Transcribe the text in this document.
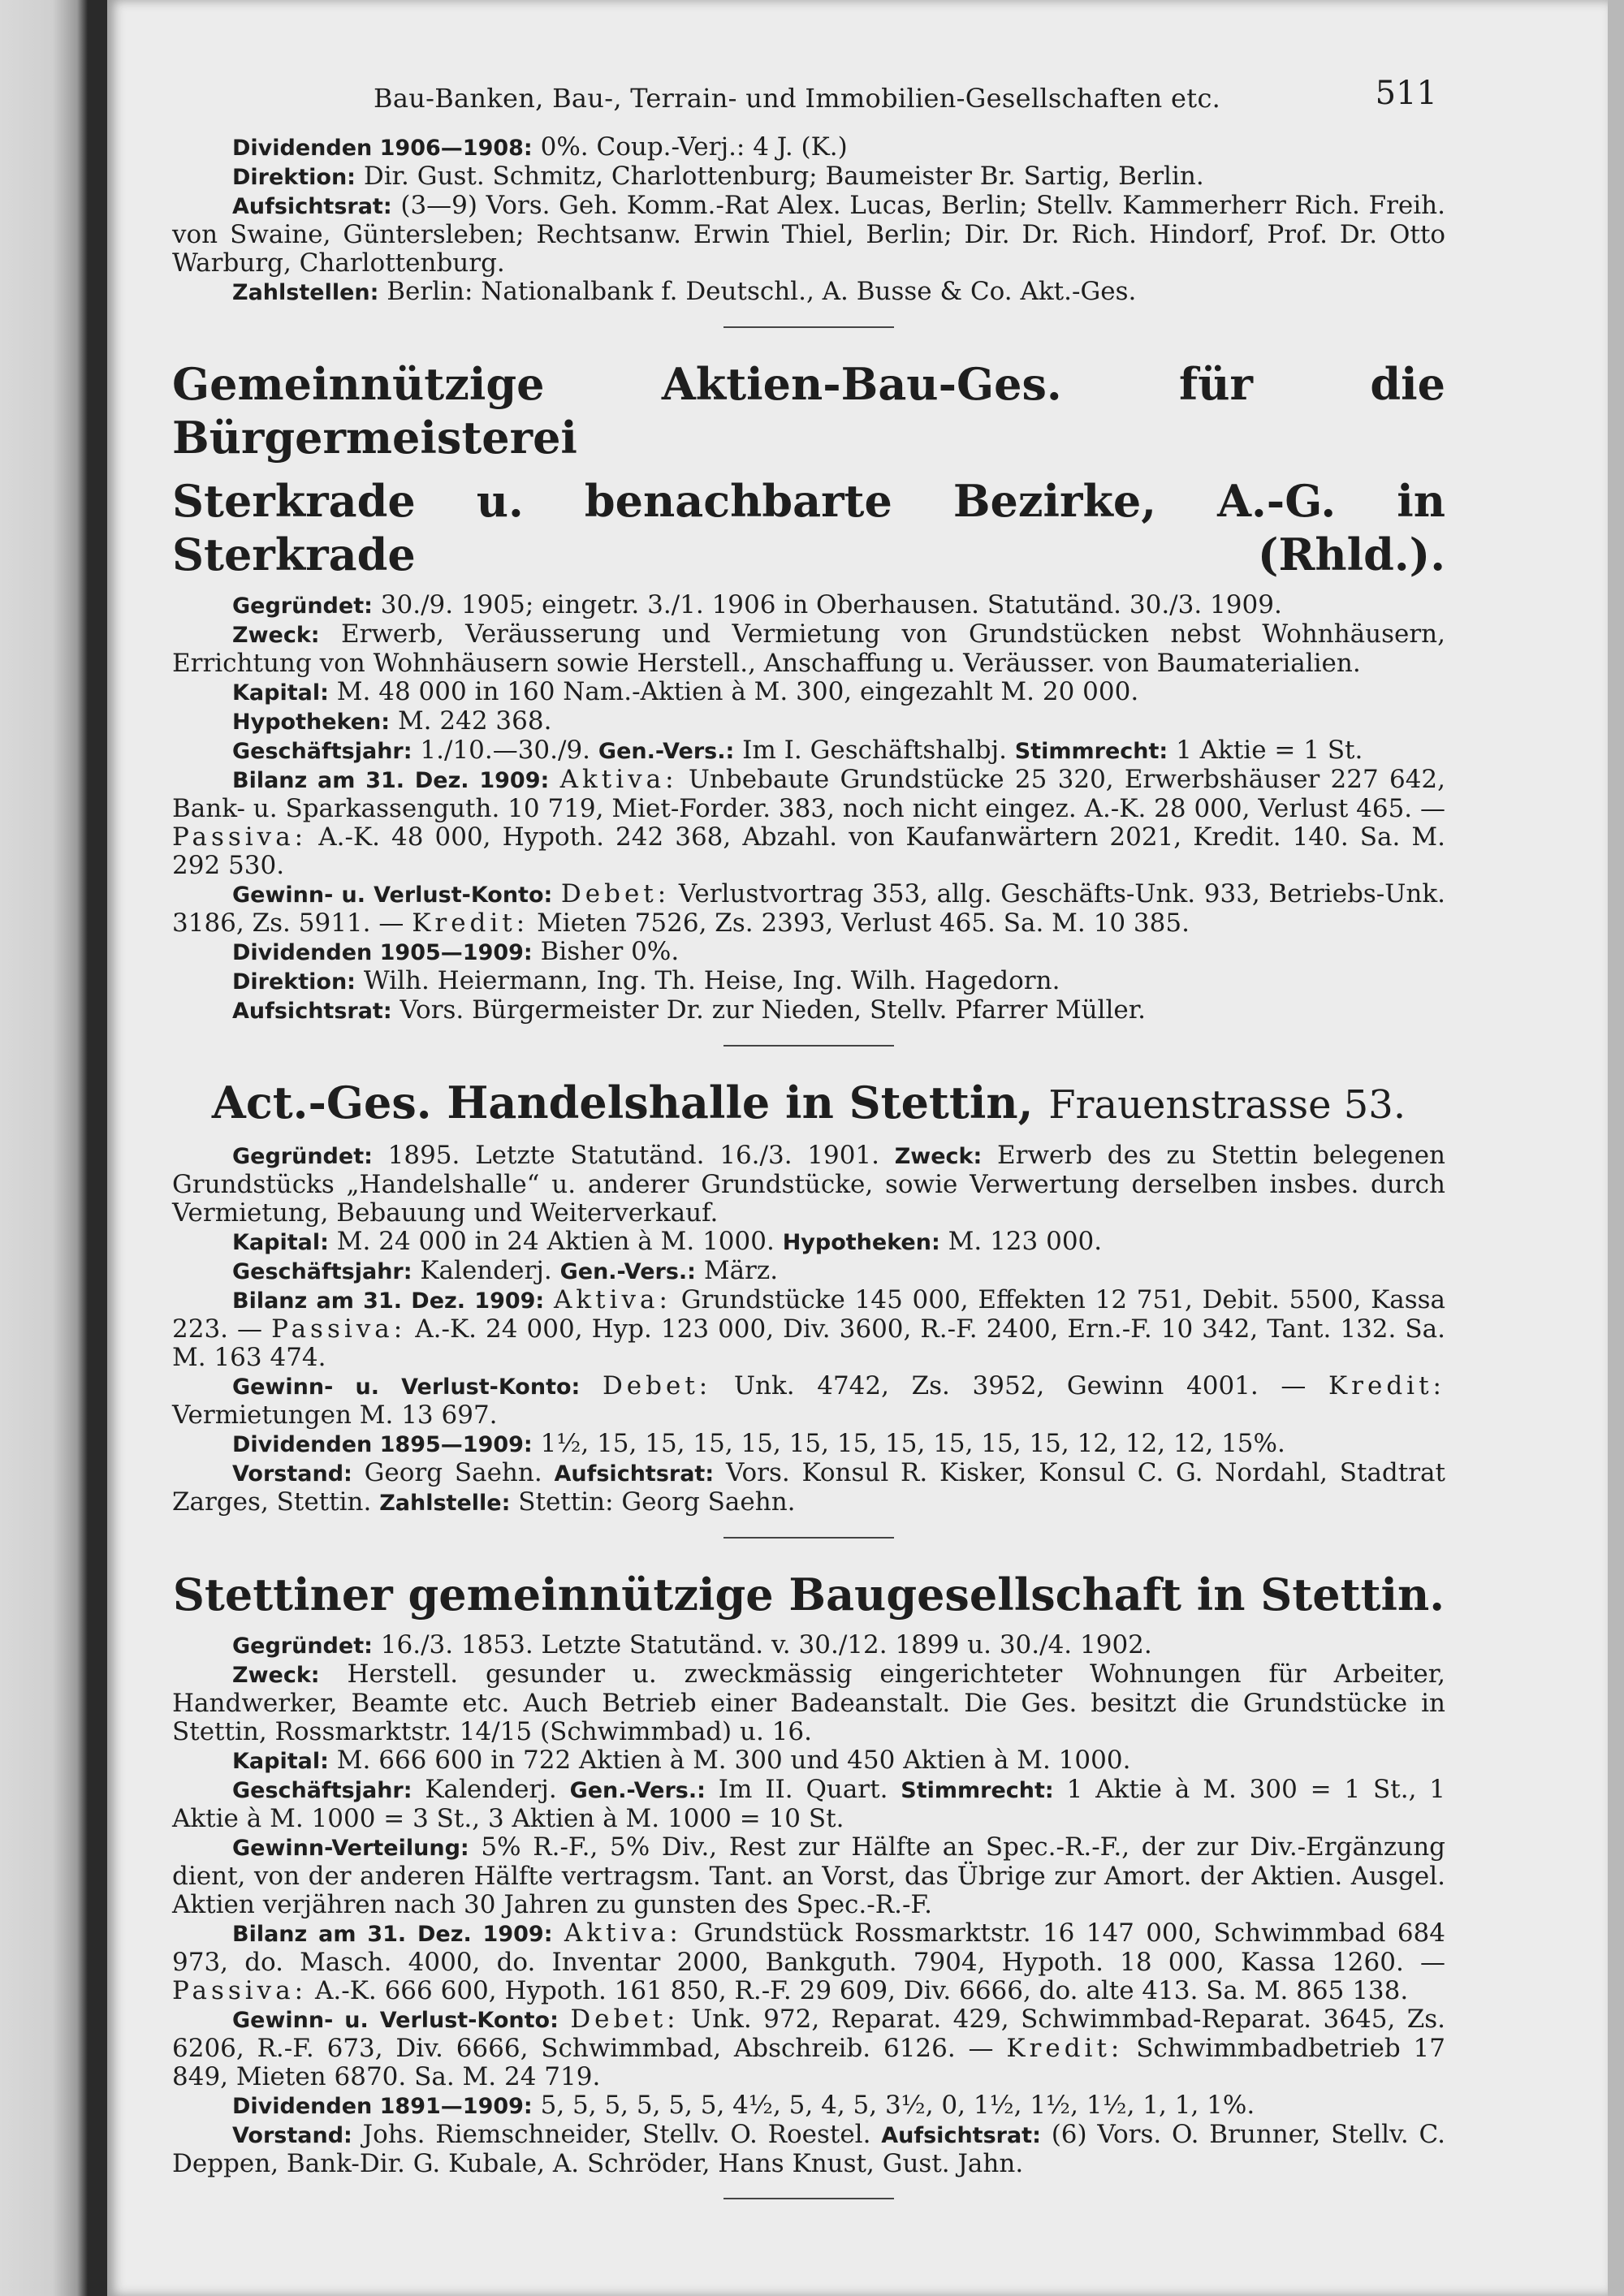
Bau-Banken, Bau-, Terrain- und Immobilien-Gesellschaften etc.	511

Dividenden 1906—1908: 0%. Coup.-Verj.: 4 J. (K.)

Direktion: Dir. Gust. Schmitz, Charlottenburg; Baumeister Br. Sartig, Berlin.

Aufsichtsrat: (3—9) Vors. Geh. Komm.-Rat Alex. Lucas, Berlin; Stellv. Kammerherr Rich. Freih. von Swaine, Güntersleben; Rechtsanw. Erwin Thiel, Berlin; Dir. Dr. Rich. Hindorf, Prof. Dr. Otto Warburg, Charlottenburg.

Zahlstellen: Berlin: Nationalbank f. Deutschl., A. Busse & Co. Akt.-Ges.

Gemeinnützige Aktien-Bau-Ges. für die Bürgermeisterei
Sterkrade u. benachbarte Bezirke, A.-G. in Sterkrade (Rhld.).

Gegründet: 30./9. 1905; eingetr. 3./1. 1906 in Oberhausen. Statutänd. 30./3. 1909.

Zweck: Erwerb, Veräusserung und Vermietung von Grundstücken nebst Wohnhäusern, Errichtung von Wohnhäusern sowie Herstell., Anschaffung u. Veräusser. von Baumaterialien.

Kapital: M. 48 000 in 160 Nam.-Aktien à M. 300, eingezahlt M. 20 000.

Hypotheken: M. 242 368.

Geschäftsjahr: 1./10.—30./9. Gen.-Vers.: Im I. Geschäftshalbj. Stimmrecht: 1 Aktie = 1 St.

Bilanz am 31. Dez. 1909: Aktiva: Unbebaute Grundstücke 25 320, Erwerbshäuser 227 642, Bank- u. Sparkassenguth. 10 719, Miet-Forder. 383, noch nicht eingez. A.-K. 28 000, Verlust 465. — Passiva: A.-K. 48 000, Hypoth. 242 368, Abzahl. von Kaufanwärtern 2021, Kredit. 140. Sa. M. 292 530.

Gewinn- u. Verlust-Konto: Debet: Verlustvortrag 353, allg. Geschäfts-Unk. 933, Betriebs-Unk. 3186, Zs. 5911. — Kredit: Mieten 7526, Zs. 2393, Verlust 465. Sa. M. 10 385.

Dividenden 1905—1909: Bisher 0%.

Direktion: Wilh. Heiermann, Ing. Th. Heise, Ing. Wilh. Hagedorn.

Aufsichtsrat: Vors. Bürgermeister Dr. zur Nieden, Stellv. Pfarrer Müller.

Act.-Ges. Handelshalle in Stettin, Frauenstrasse 53.

Gegründet: 1895. Letzte Statutänd. 16./3. 1901. Zweck: Erwerb des zu Stettin belegenen Grundstücks „Handelshalle“ u. anderer Grundstücke, sowie Verwertung derselben insbes. durch Vermietung, Bebauung und Weiterverkauf.

Kapital: M. 24 000 in 24 Aktien à M. 1000. Hypotheken: M. 123 000.

Geschäftsjahr: Kalenderj. Gen.-Vers.: März.

Bilanz am 31. Dez. 1909: Aktiva: Grundstücke 145 000, Effekten 12 751, Debit. 5500, Kassa 223. — Passiva: A.-K. 24 000, Hyp. 123 000, Div. 3600, R.-F. 2400, Ern.-F. 10 342, Tant. 132. Sa. M. 163 474.

Gewinn- u. Verlust-Konto: Debet: Unk. 4742, Zs. 3952, Gewinn 4001. — Kredit: Vermietungen M. 13 697.

Dividenden 1895—1909: 1½, 15, 15, 15, 15, 15, 15, 15, 15, 15, 15, 12, 12, 12, 15%.

Vorstand: Georg Saehn. Aufsichtsrat: Vors. Konsul R. Kisker, Konsul C. G. Nordahl, Stadtrat Zarges, Stettin. Zahlstelle: Stettin: Georg Saehn.

Stettiner gemeinnützige Baugesellschaft in Stettin.

Gegründet: 16./3. 1853. Letzte Statutänd. v. 30./12. 1899 u. 30./4. 1902.

Zweck: Herstell. gesunder u. zweckmässig eingerichteter Wohnungen für Arbeiter, Handwerker, Beamte etc. Auch Betrieb einer Badeanstalt. Die Ges. besitzt die Grundstücke in Stettin, Rossmarktstr. 14/15 (Schwimmbad) u. 16.

Kapital: M. 666 600 in 722 Aktien à M. 300 und 450 Aktien à M. 1000.

Geschäftsjahr: Kalenderj. Gen.-Vers.: Im II. Quart. Stimmrecht: 1 Aktie à M. 300 = 1 St., 1 Aktie à M. 1000 = 3 St., 3 Aktien à M. 1000 = 10 St.

Gewinn-Verteilung: 5% R.-F., 5% Div., Rest zur Hälfte an Spec.-R.-F., der zur Div.-Ergänzung dient, von der anderen Hälfte vertragsm. Tant. an Vorst, das Übrige zur Amort. der Aktien. Ausgel. Aktien verjähren nach 30 Jahren zu gunsten des Spec.-R.-F.

Bilanz am 31. Dez. 1909: Aktiva: Grundstück Rossmarktstr. 16 147 000, Schwimmbad 684 973, do. Masch. 4000, do. Inventar 2000, Bankguth. 7904, Hypoth. 18 000, Kassa 1260. — Passiva: A.-K. 666 600, Hypoth. 161 850, R.-F. 29 609, Div. 6666, do. alte 413. Sa. M. 865 138.

Gewinn- u. Verlust-Konto: Debet: Unk. 972, Reparat. 429, Schwimmbad-Reparat. 3645, Zs. 6206, R.-F. 673, Div. 6666, Schwimmbad, Abschreib. 6126. — Kredit: Schwimmbadbetrieb 17 849, Mieten 6870. Sa. M. 24 719.

Dividenden 1891—1909: 5, 5, 5, 5, 5, 5, 4½, 5, 4, 5, 3½, 0, 1½, 1½, 1½, 1, 1, 1%.

Vorstand: Johs. Riemschneider, Stellv. O. Roestel. Aufsichtsrat: (6) Vors. O. Brunner, Stellv. C. Deppen, Bank-Dir. G. Kubale, A. Schröder, Hans Knust, Gust. Jahn.
